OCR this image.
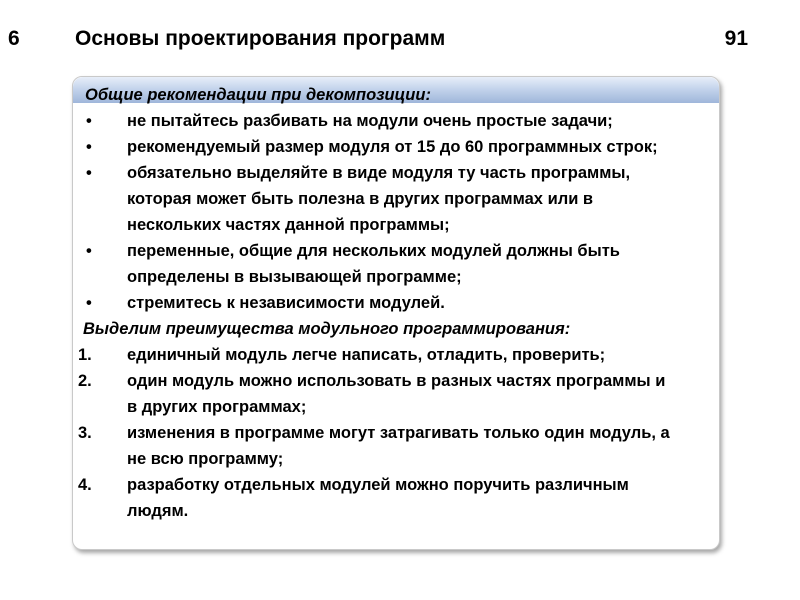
6	Основы проектирования программ	91

Общие рекомендации при декомпозиции:

• не пытайтесь разбивать на модули очень простые задачи;
• рекомендуемый размер модуля от 15 до 60 программных строк;
• обязательно выделяйте в виде модуля ту часть программы,
которая может быть полезна в других программах или в
нескольких частях данной программы;
• переменные, общие для нескольких модулей должны быть
определены в вызывающей программе;
• стремитесь к независимости модулей.

Выделим преимущества модульного программирования:

1. единичный модуль легче написать, отладить, проверить;
2. один модуль можно использовать в разных частях программы и
в других программах;
3. изменения в программе могут затрагивать только один модуль, а
не всю программу;
4. разработку отдельных модулей можно поручить различным
людям.
